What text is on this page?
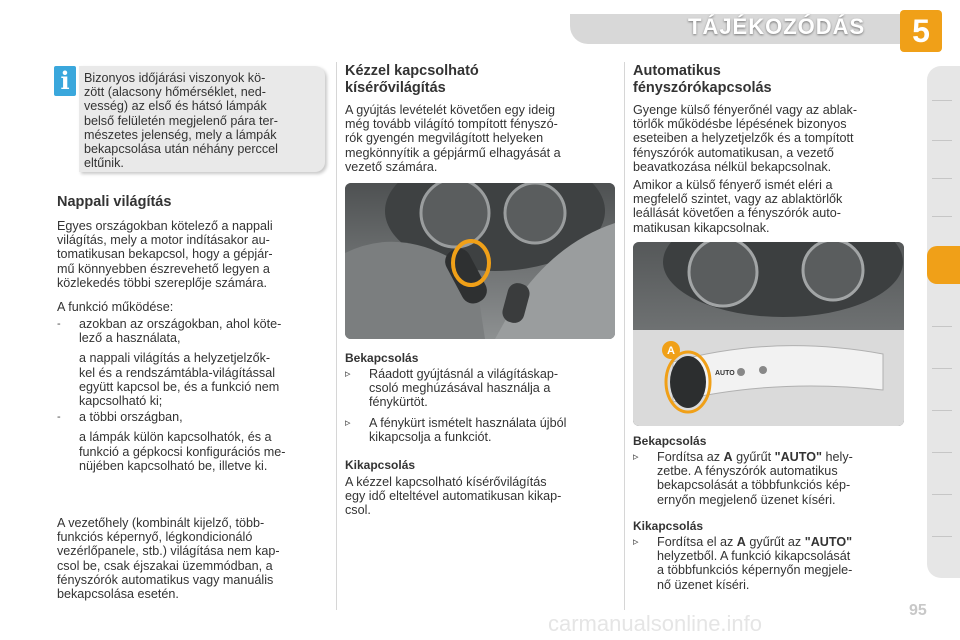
TÁJÉKOZÓDÁS	5
i	Bizonyos időjárási viszonyok kö-
zött (alacsony hőmérséklet, ned-
vesség) az első és hátsó lámpák
belső felületén megjelenő pára ter-
mészetes jelenség, mely a lámpák
bekapcsolása után néhány perccel
eltűnik.
Nappali világítás
Egyes országokban kötelező a nappali
világítás, mely a motor indításakor au-
tomatikusan bekapcsol, hogy a gépjár-
mű könnyebben észrevehető legyen a
közlekedés többi szereplője számára.
A funkció működése:
- azokban az országokban, ahol köte-
lező a használata,
a nappali világítás a helyzetjelzők-
kel és a rendszámtábla-világítással
együtt kapcsol be, és a funkció nem
kapcsolható ki;
- a többi országban,
a lámpák külön kapcsolhatók, és a
funkció a gépkocsi konfigurációs me-
nüjében kapcsolható be, illetve ki.
A vezetőhely (kombinált kijelző, több-
funkciós képernyő, légkondicionáló
vezérlőpanele, stb.) világítása nem kap-
csol be, csak éjszakai üzemmódban, a
fényszórók automatikus vagy manuális
bekapcsolása esetén.
Kézzel kapcsolható
kísérővilágítás
A gyújtás levételét követően egy ideig
még tovább világító tompított fényszó-
rók gyengén megvilágított helyeken
megkönnyítik a gépjármű elhagyását a
vezető számára.
Bekapcsolás
▹ Ráadott gyújtásnál a világításkap-
csoló meghúzásával használja a
fénykürtöt.
▹ A fénykürt ismételt használata újból
kikapcsolja a funkciót.
Kikapcsolás
A kézzel kapcsolható kísérővilágítás
egy idő elteltével automatikusan kikap-
csol.
Automatikus
fényszórókapcsolás
Gyenge külső fényerőnél vagy az ablak-
törlők működésbe lépésének bizonyos
eseteiben a helyzetjelzők és a tompított
fényszórók automatikusan, a vezető
beavatkozása nélkül bekapcsolnak.
Amikor a külső fényerő ismét eléri a
megfelelő szintet, vagy az ablaktörlők
leállását követően a fényszórók auto-
matikusan kikapcsolnak.
A
AUTO
Bekapcsolás
▹ Fordítsa az A gyűrűt "AUTO" hely-
zetbe. A fényszórók automatikus
bekapcsolását a többfunkciós kép-
ernyőn megjelenő üzenet kíséri.
Kikapcsolás
▹ Fordítsa el az A gyűrűt az "AUTO"
helyzetből. A funkció kikapcsolását
a többfunkciós képernyőn megjele-
nő üzenet kíséri.
carmanualsonline.info
95
